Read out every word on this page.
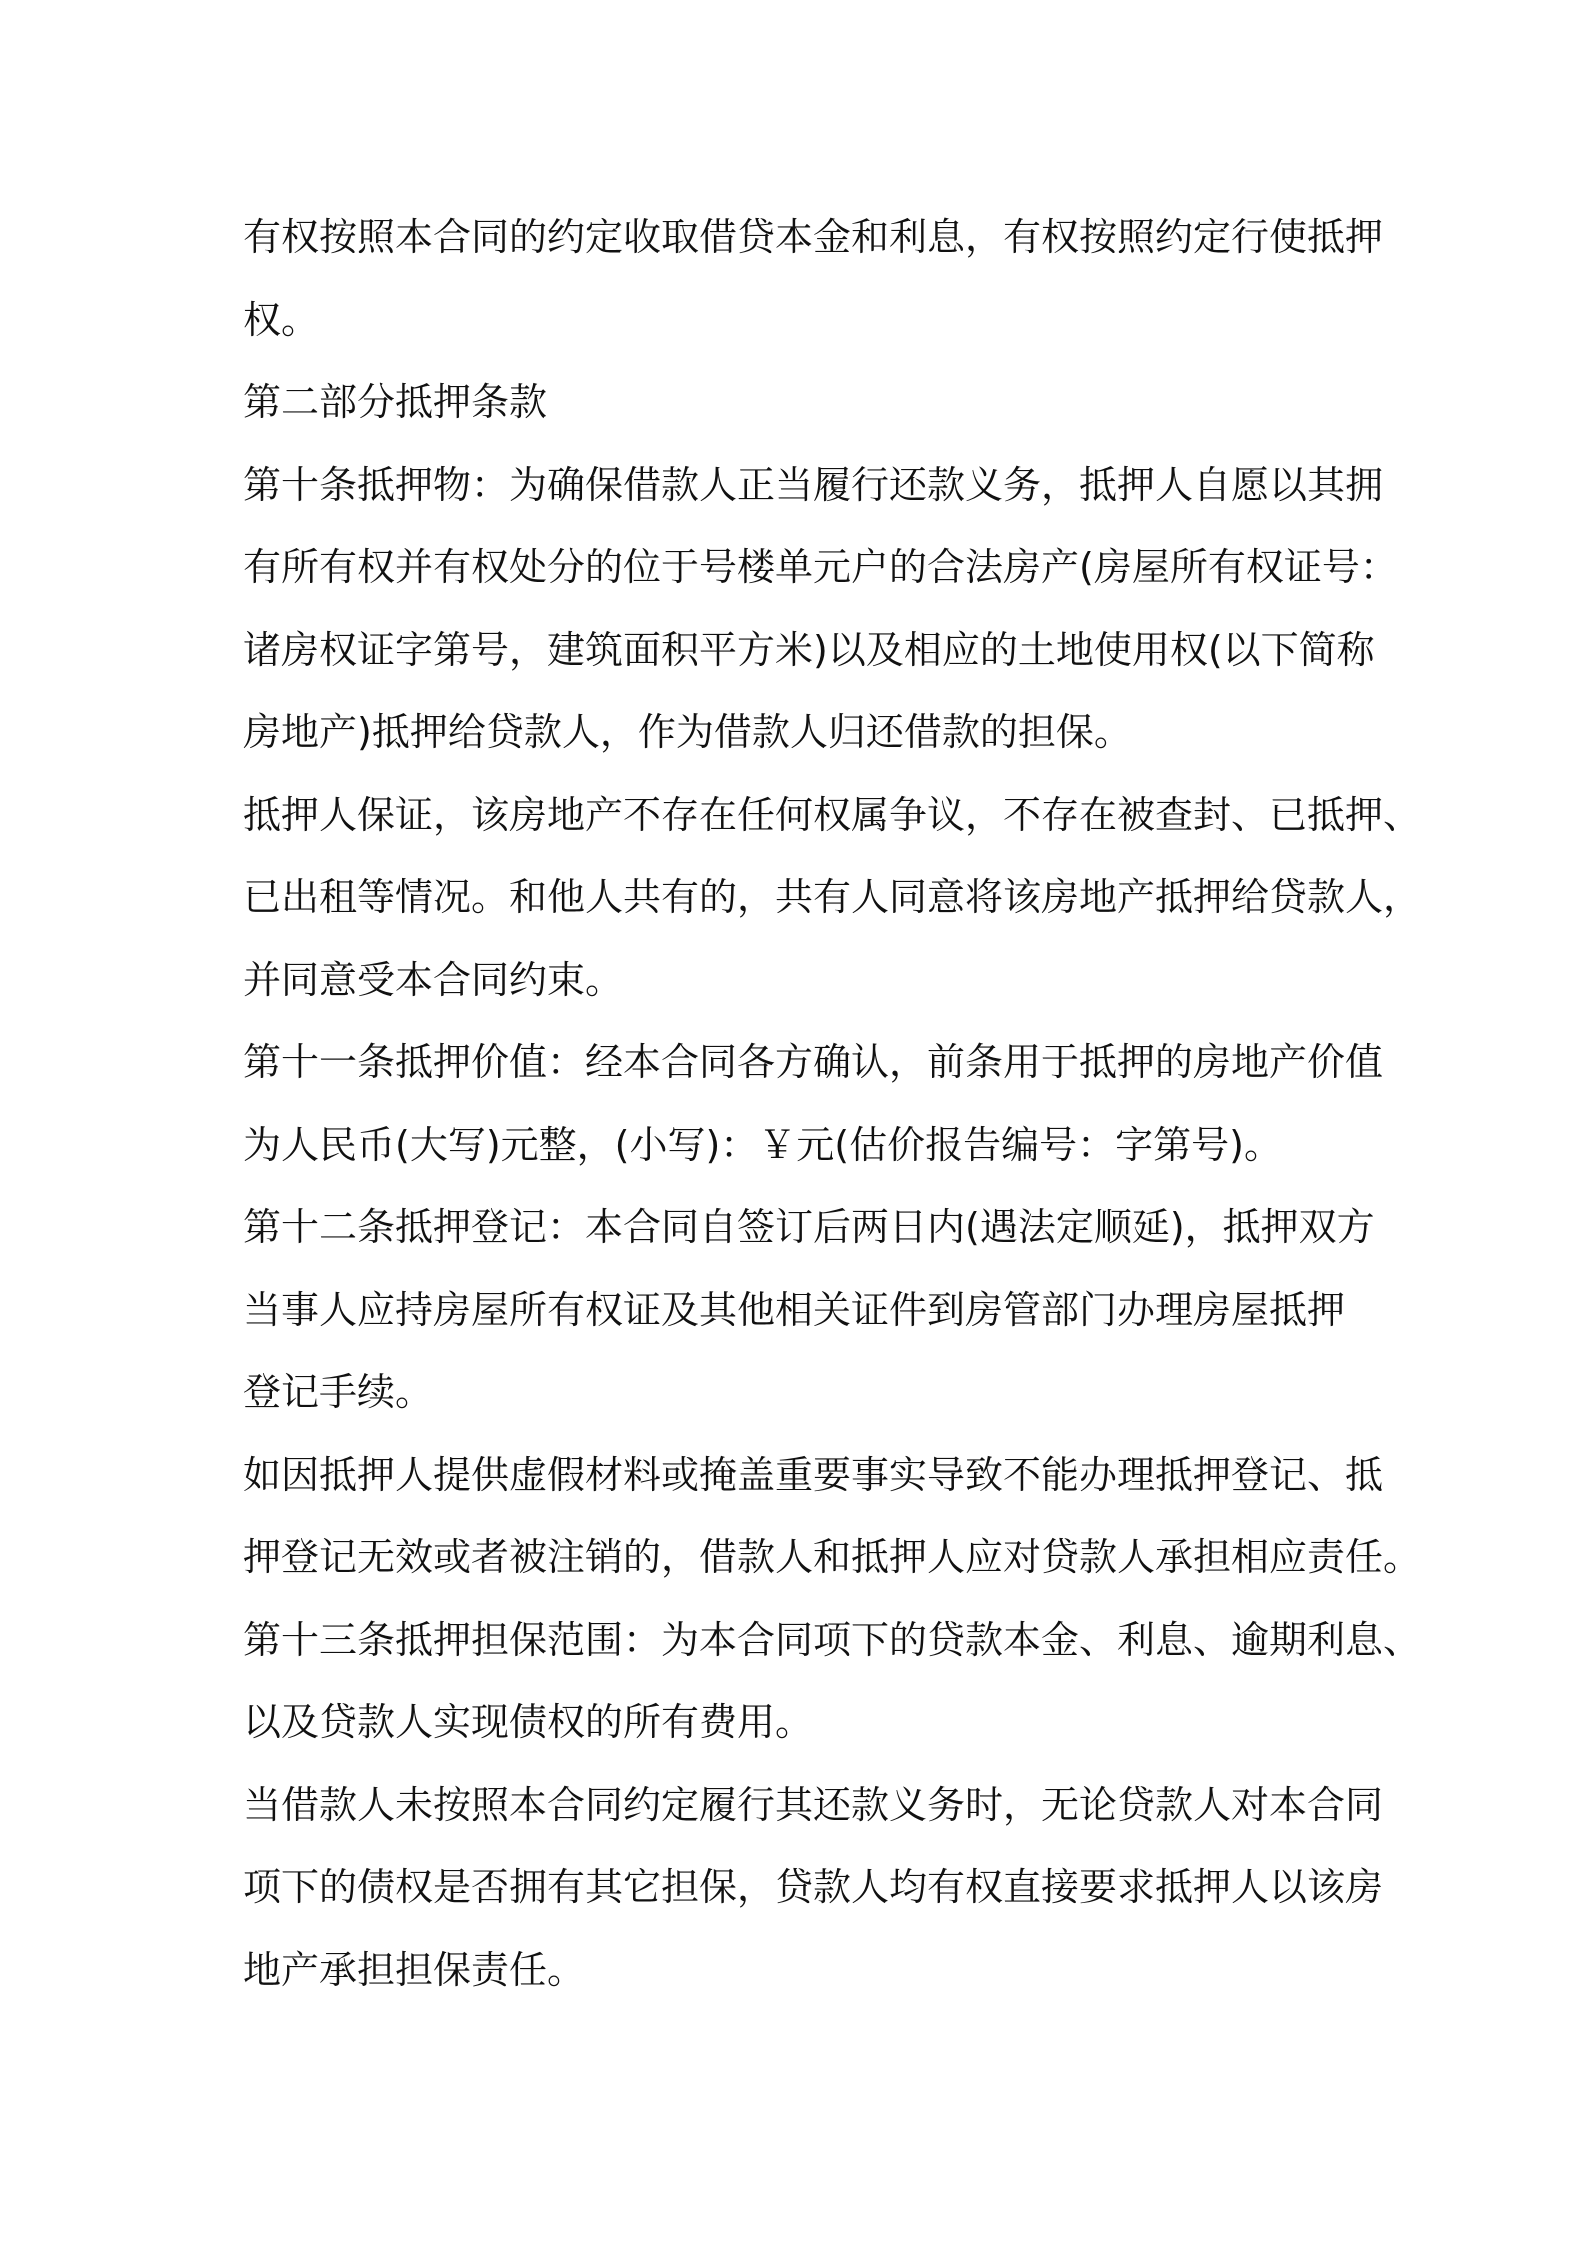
有权按照本合同的约定收取借贷本金和利息，有权按照约定行使抵押
权。
第二部分抵押条款
第十条抵押物：为确保借款人正当履行还款义务，抵押人自愿以其拥
有所有权并有权处分的位于号楼单元户的合法房产(房屋所有权证号：
诸房权证字第号，建筑面积平方米)以及相应的土地使用权(以下简称
房地产)抵押给贷款人，作为借款人归还借款的担保。
抵押人保证，该房地产不存在任何权属争议，不存在被查封、已抵押、
已出租等情况。和他人共有的，共有人同意将该房地产抵押给贷款人，
并同意受本合同约束。
第十一条抵押价值：经本合同各方确认，前条用于抵押的房地产价值
为人民币(大写)元整，(小写)：￥元(估价报告编号：字第号)。
第十二条抵押登记：本合同自签订后两日内(遇法定顺延)，抵押双方
当事人应持房屋所有权证及其他相关证件到房管部门办理房屋抵押
登记手续。
如因抵押人提供虚假材料或掩盖重要事实导致不能办理抵押登记、抵
押登记无效或者被注销的，借款人和抵押人应对贷款人承担相应责任。
第十三条抵押担保范围：为本合同项下的贷款本金、利息、逾期利息、
以及贷款人实现债权的所有费用。
当借款人未按照本合同约定履行其还款义务时，无论贷款人对本合同
项下的债权是否拥有其它担保，贷款人均有权直接要求抵押人以该房
地产承担担保责任。
